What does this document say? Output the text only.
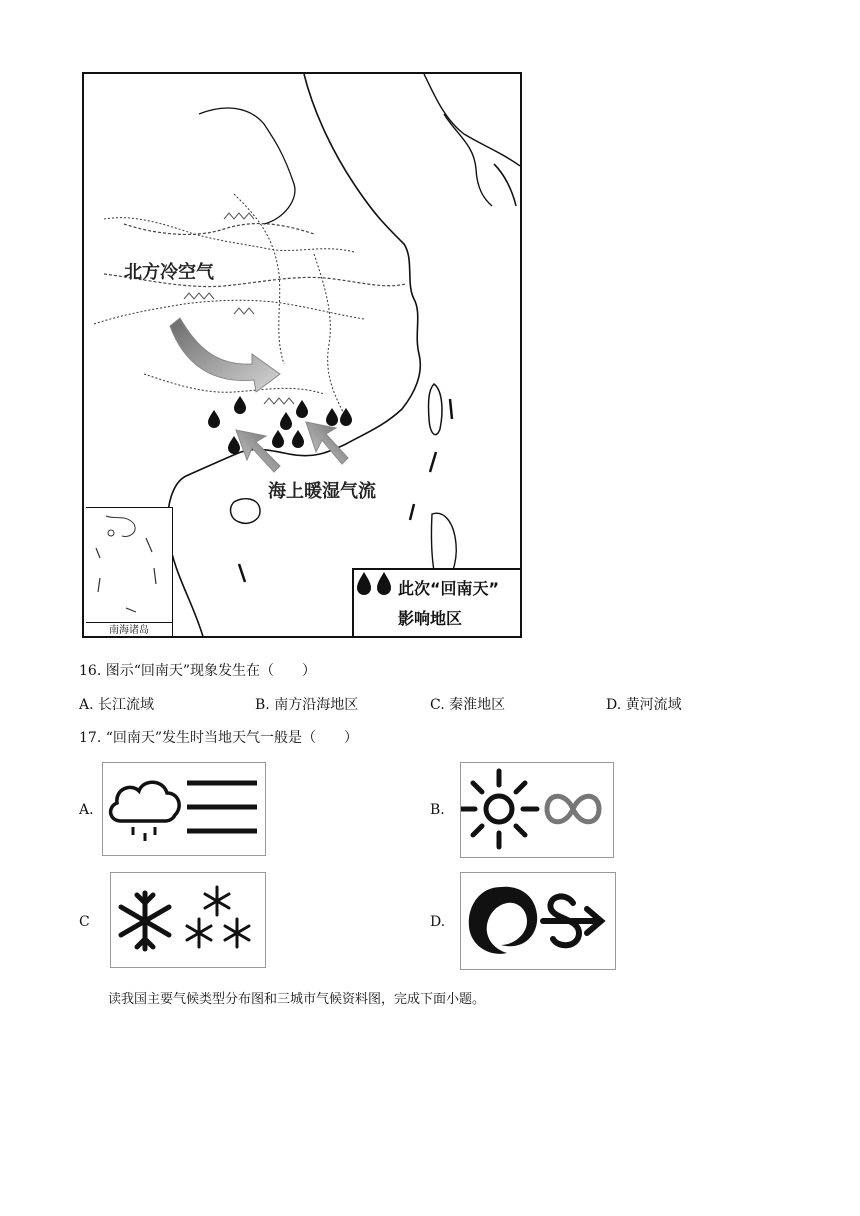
北方冷空气
海上暖湿气流
南海诸岛
此次“回南天”
影响地区
16. 图示“回南天”现象发生在（　　）
A. 长江流域	B. 南方沿海地区	C. 秦淮地区	D. 黄河流域
17. “回南天”发生时当地天气一般是（　　）
A.	B.
C	D.
读我国主要气候类型分布图和三城市气候资料图，完成下面小题。
